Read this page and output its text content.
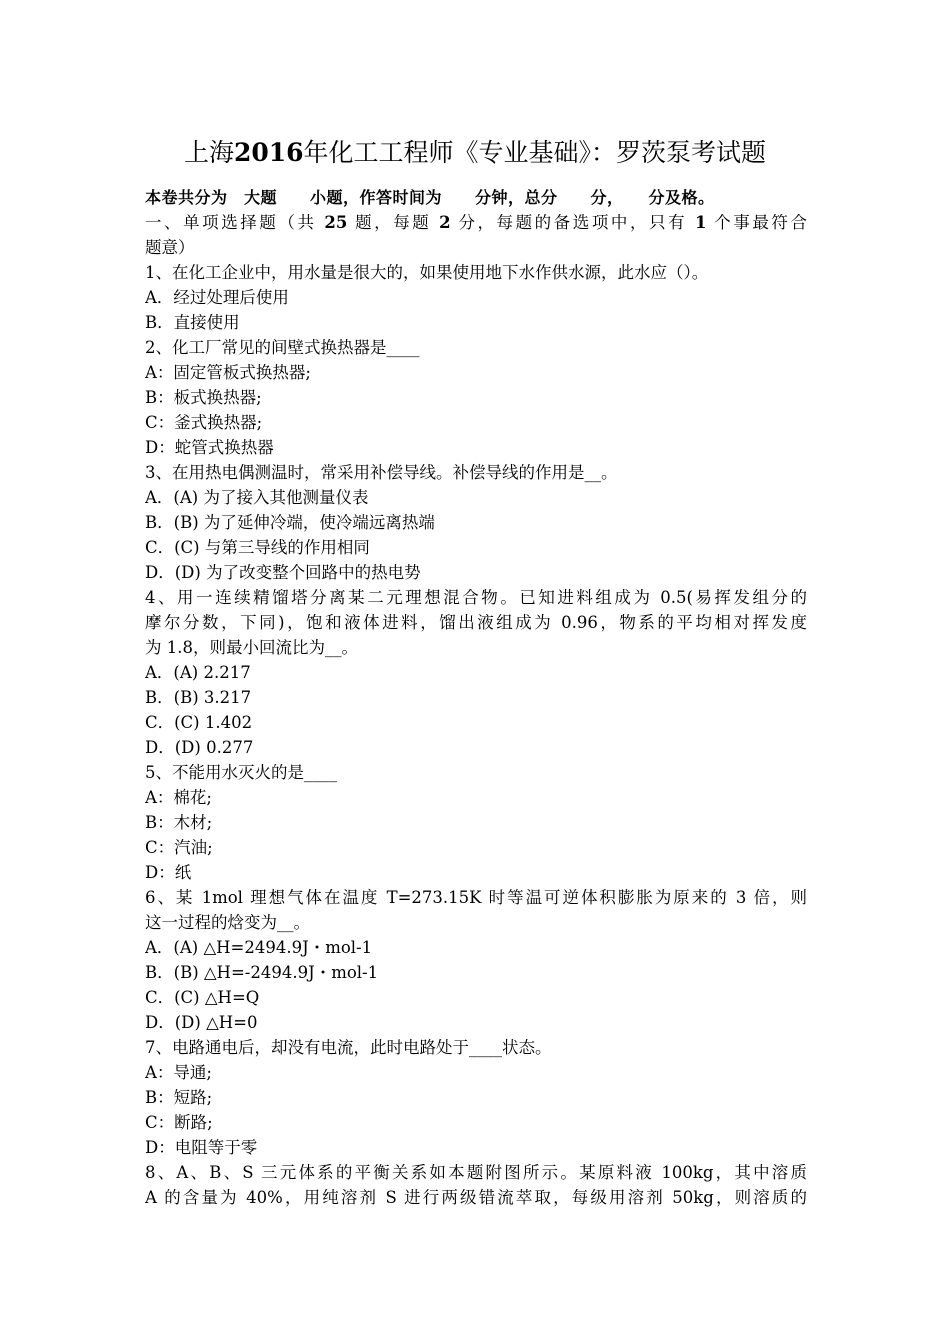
上海2016年化工工程师《专业基础》：罗茨泵考试题
本卷共分为　大题　　小题，作答时间为　　分钟，总分　　分，　　分及格。
一、单项选择题（共 25 题，每题 2 分，每题的备选项中，只有 1 个事最符合
题意）
1、在化工企业中，用水量是很大的，如果使用地下水作供水源，此水应（）。
A．经过处理后使用
B．直接使用
2、化工厂常见的间壁式换热器是____
A：固定管板式换热器;
B：板式换热器;
C：釜式换热器;
D：蛇管式换热器
3、在用热电偶测温时，常采用补偿导线。补偿导线的作用是__。
A．(A) 为了接入其他测量仪表
B．(B) 为了延伸冷端，使冷端远离热端
C．(C) 与第三导线的作用相同
D．(D) 为了改变整个回路中的热电势
4、用一连续精馏塔分离某二元理想混合物。已知进料组成为 0.5(易挥发组分的
摩尔分数，下同)，饱和液体进料，馏出液组成为 0.96，物系的平均相对挥发度
为 1.8，则最小回流比为__。
A．(A) 2.217
B．(B) 3.217
C．(C) 1.402
D．(D) 0.277
5、不能用水灭火的是____
A：棉花;
B：木材;
C：汽油;
D：纸
6、某 1mol 理想气体在温度 T=273.15K 时等温可逆体积膨胀为原来的 3 倍，则
这一过程的焓变为__。
A．(A) △H=2494.9J・mol-1
B．(B) △H=-2494.9J・mol-1
C．(C) △H=Q
D．(D) △H=0
7、电路通电后，却没有电流，此时电路处于____状态。
A：导通;
B：短路;
C：断路;
D：电阻等于零
8、A、B、S 三元体系的平衡关系如本题附图所示。某原料液 100kg，其中溶质
A 的含量为 40%，用纯溶剂 S 进行两级错流萃取，每级用溶剂 50kg，则溶质的
